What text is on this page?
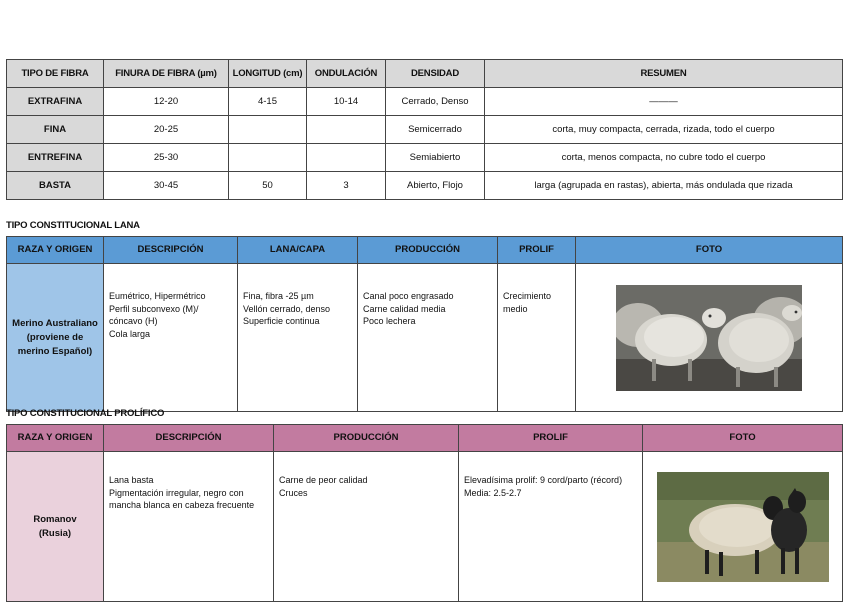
TIPO DE FIBRA	FINURA DE FIBRA (µm)	LONGITUD (cm)	ONDULACIÓN	DENSIDAD	RESUMEN
EXTRAFINA	12-20	4-15	10-14	Cerrado, Denso	———
FINA	20-25			Semicerrado	corta, muy compacta, cerrada, rizada, todo el cuerpo
ENTREFINA	25-30			Semiabierto	corta, menos compacta, no cubre todo el cuerpo
BASTA	30-45	50	3	Abierto, Flojo	larga (agrupada en rastas), abierta, más ondulada que rizada
TIPO CONSTITUCIONAL LANA
RAZA Y ORIGEN	DESCRIPCIÓN	LANA/CAPA	PRODUCCIÓN	PROLIF	FOTO

Merino Australiano
(proviene de
merino Español)	Eumétrico, Hipermétrico
Perfil subconvexo (M)/
cóncavo (H)
Cola larga	Fina, fibra -25 µm
Vellón cerrado, denso
Superficie continua	Canal poco engrasado
Carne calidad media
Poco lechera	Crecimiento
medio

TIPO CONSTITUCIONAL PROLÍFICO
RAZA Y ORIGEN	DESCRIPCIÓN	PRODUCCIÓN	PROLIF	FOTO

Romanov
(Rusia)	Lana basta
Pigmentación irregular, negro con
mancha blanca en cabeza frecuente	Carne de peor calidad
Cruces	Elevadísima prolif: 9 cord/parto (récord)
Media: 2.5-2.7
